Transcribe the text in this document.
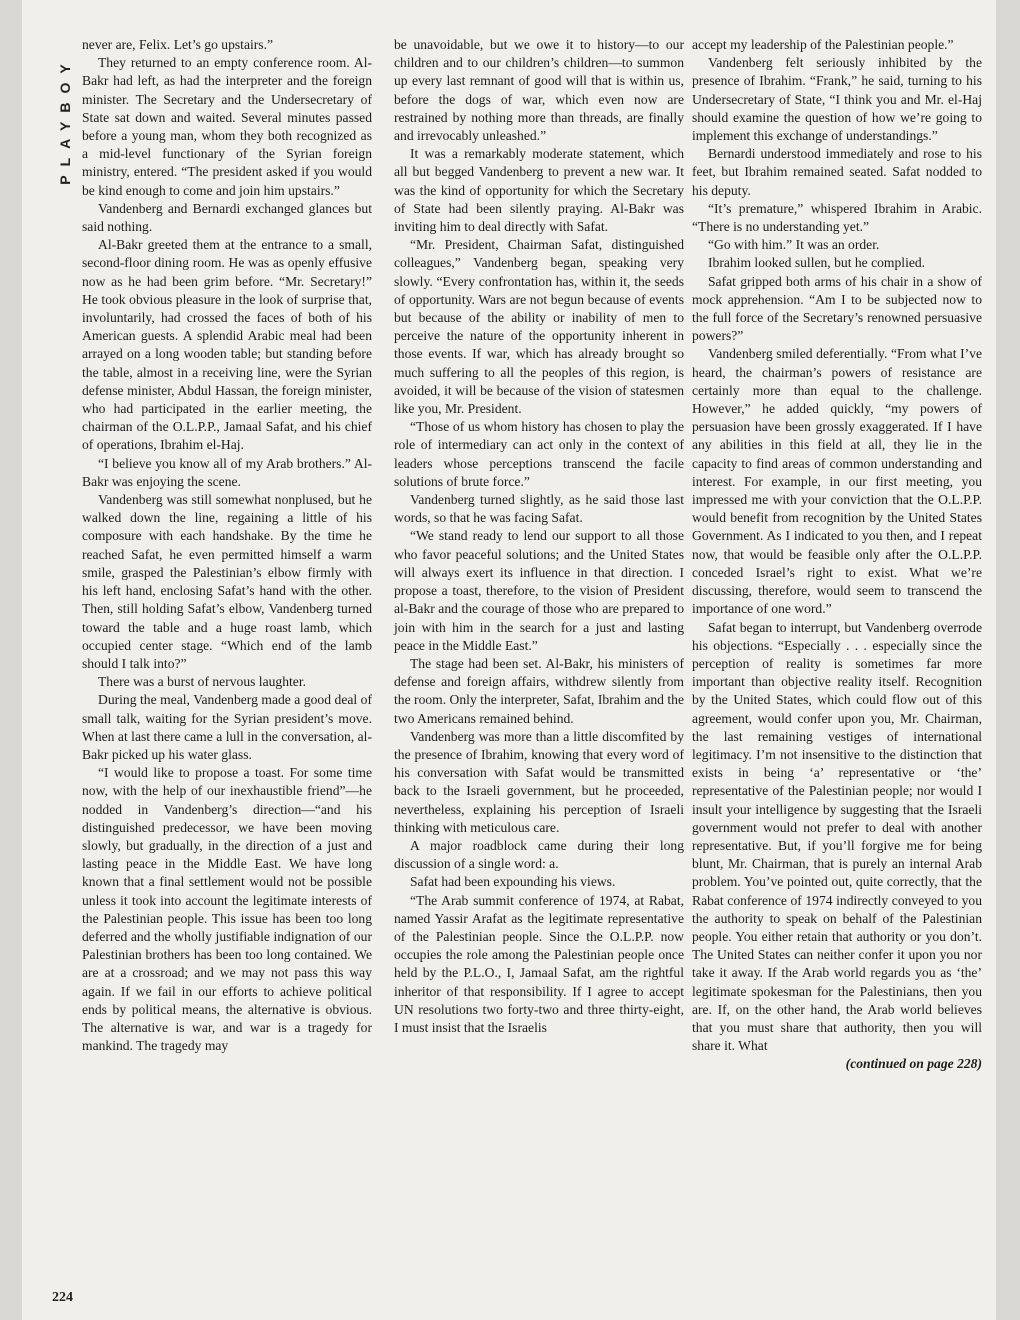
PLAYBOY

never are, Felix. Let’s go upstairs.”

They returned to an empty conference room. Al-Bakr had left, as had the interpreter and the foreign minister. The Secretary and the Undersecretary of State sat down and waited. Several minutes passed before a young man, whom they both recognized as a mid-level functionary of the Syrian foreign ministry, entered. “The president asked if you would be kind enough to come and join him upstairs.”

Vandenberg and Bernardi exchanged glances but said nothing.

Al-Bakr greeted them at the entrance to a small, second-floor dining room. He was as openly effusive now as he had been grim before. “Mr. Secretary!” He took obvious pleasure in the look of surprise that, involuntarily, had crossed the faces of both of his American guests. A splendid Arabic meal had been arrayed on a long wooden table; but standing before the table, almost in a receiving line, were the Syrian defense minister, Abdul Hassan, the foreign minister, who had participated in the earlier meeting, the chairman of the O.L.P.P., Jamaal Safat, and his chief of operations, Ibrahim el-Haj.

“I believe you know all of my Arab brothers.” Al-Bakr was enjoying the scene.

Vandenberg was still somewhat nonplused, but he walked down the line, regaining a little of his composure with each handshake. By the time he reached Safat, he even permitted himself a warm smile, grasped the Palestinian’s elbow firmly with his left hand, enclosing Safat’s hand with the other. Then, still holding Safat’s elbow, Vandenberg turned toward the table and a huge roast lamb, which occupied center stage. “Which end of the lamb should I talk into?”

There was a burst of nervous laughter.

During the meal, Vandenberg made a good deal of small talk, waiting for the Syrian president’s move. When at last there came a lull in the conversation, al-Bakr picked up his water glass.

“I would like to propose a toast. For some time now, with the help of our inexhaustible friend”—he nodded in Vandenberg’s direction—“and his distinguished predecessor, we have been moving slowly, but gradually, in the direction of a just and lasting peace in the Middle East. We have long known that a final settlement would not be possible unless it took into account the legitimate interests of the Palestinian people. This issue has been too long deferred and the wholly justifiable indignation of our Palestinian brothers has been too long contained. We are at a crossroad; and we may not pass this way again. If we fail in our efforts to achieve political ends by political means, the alternative is obvious. The alternative is war, and war is a tragedy for mankind. The tragedy may

be unavoidable, but we owe it to history—to our children and to our children’s children—to summon up every last remnant of good will that is within us, before the dogs of war, which even now are restrained by nothing more than threads, are finally and irrevocably unleashed.”

It was a remarkably moderate statement, which all but begged Vandenberg to prevent a new war. It was the kind of opportunity for which the Secretary of State had been silently praying. Al-Bakr was inviting him to deal directly with Safat.

“Mr. President, Chairman Safat, distinguished colleagues,” Vandenberg began, speaking very slowly. “Every confrontation has, within it, the seeds of opportunity. Wars are not begun because of events but because of the ability or inability of men to perceive the nature of the opportunity inherent in those events. If war, which has already brought so much suffering to all the peoples of this region, is avoided, it will be because of the vision of statesmen like you, Mr. President.

“Those of us whom history has chosen to play the role of intermediary can act only in the context of leaders whose perceptions transcend the facile solutions of brute force.”

Vandenberg turned slightly, as he said those last words, so that he was facing Safat.

“We stand ready to lend our support to all those who favor peaceful solutions; and the United States will always exert its influence in that direction. I propose a toast, therefore, to the vision of President al-Bakr and the courage of those who are prepared to join with him in the search for a just and lasting peace in the Middle East.”

The stage had been set. Al-Bakr, his ministers of defense and foreign affairs, withdrew silently from the room. Only the interpreter, Safat, Ibrahim and the two Americans remained behind.

Vandenberg was more than a little discomfited by the presence of Ibrahim, knowing that every word of his conversation with Safat would be transmitted back to the Israeli government, but he proceeded, nevertheless, explaining his perception of Israeli thinking with meticulous care.

A major roadblock came during their long discussion of a single word: a.

Safat had been expounding his views.

“The Arab summit conference of 1974, at Rabat, named Yassir Arafat as the legitimate representative of the Palestinian people. Since the O.L.P.P. now occupies the role among the Palestinian people once held by the P.L.O., I, Jamaal Safat, am the rightful inheritor of that responsibility. If I agree to accept UN resolutions two forty-two and three thirty-eight, I must insist that the Israelis

accept my leadership of the Palestinian people.”

Vandenberg felt seriously inhibited by the presence of Ibrahim. “Frank,” he said, turning to his Undersecretary of State, “I think you and Mr. el-Haj should examine the question of how we’re going to implement this exchange of understandings.”

Bernardi understood immediately and rose to his feet, but Ibrahim remained seated. Safat nodded to his deputy.

“It’s premature,” whispered Ibrahim in Arabic. “There is no understanding yet.”

“Go with him.” It was an order.

Ibrahim looked sullen, but he complied.

Safat gripped both arms of his chair in a show of mock apprehension. “Am I to be subjected now to the full force of the Secretary’s renowned persuasive powers?”

Vandenberg smiled deferentially. “From what I’ve heard, the chairman’s powers of resistance are certainly more than equal to the challenge. However,” he added quickly, “my powers of persuasion have been grossly exaggerated. If I have any abilities in this field at all, they lie in the capacity to find areas of common understanding and interest. For example, in our first meeting, you impressed me with your conviction that the O.L.P.P. would benefit from recognition by the United States Government. As I indicated to you then, and I repeat now, that would be feasible only after the O.L.P.P. conceded Israel’s right to exist. What we’re discussing, therefore, would seem to transcend the importance of one word.”

Safat began to interrupt, but Vandenberg overrode his objections. “Especially . . . especially since the perception of reality is sometimes far more important than objective reality itself. Recognition by the United States, which could flow out of this agreement, would confer upon you, Mr. Chairman, the last remaining vestiges of international legitimacy. I’m not insensitive to the distinction that exists in being ‘a’ representative or ‘the’ representative of the Palestinian people; nor would I insult your intelligence by suggesting that the Israeli government would not prefer to deal with another representative. But, if you’ll forgive me for being blunt, Mr. Chairman, that is purely an internal Arab problem. You’ve pointed out, quite correctly, that the Rabat conference of 1974 indirectly conveyed to you the authority to speak on behalf of the Palestinian people. You either retain that authority or you don’t. The United States can neither confer it upon you nor take it away. If the Arab world regards you as ‘the’ legitimate spokesman for the Palestinians, then you are. If, on the other hand, the Arab world believes that you must share that authority, then you will share it. What

(continued on page 228)

224
